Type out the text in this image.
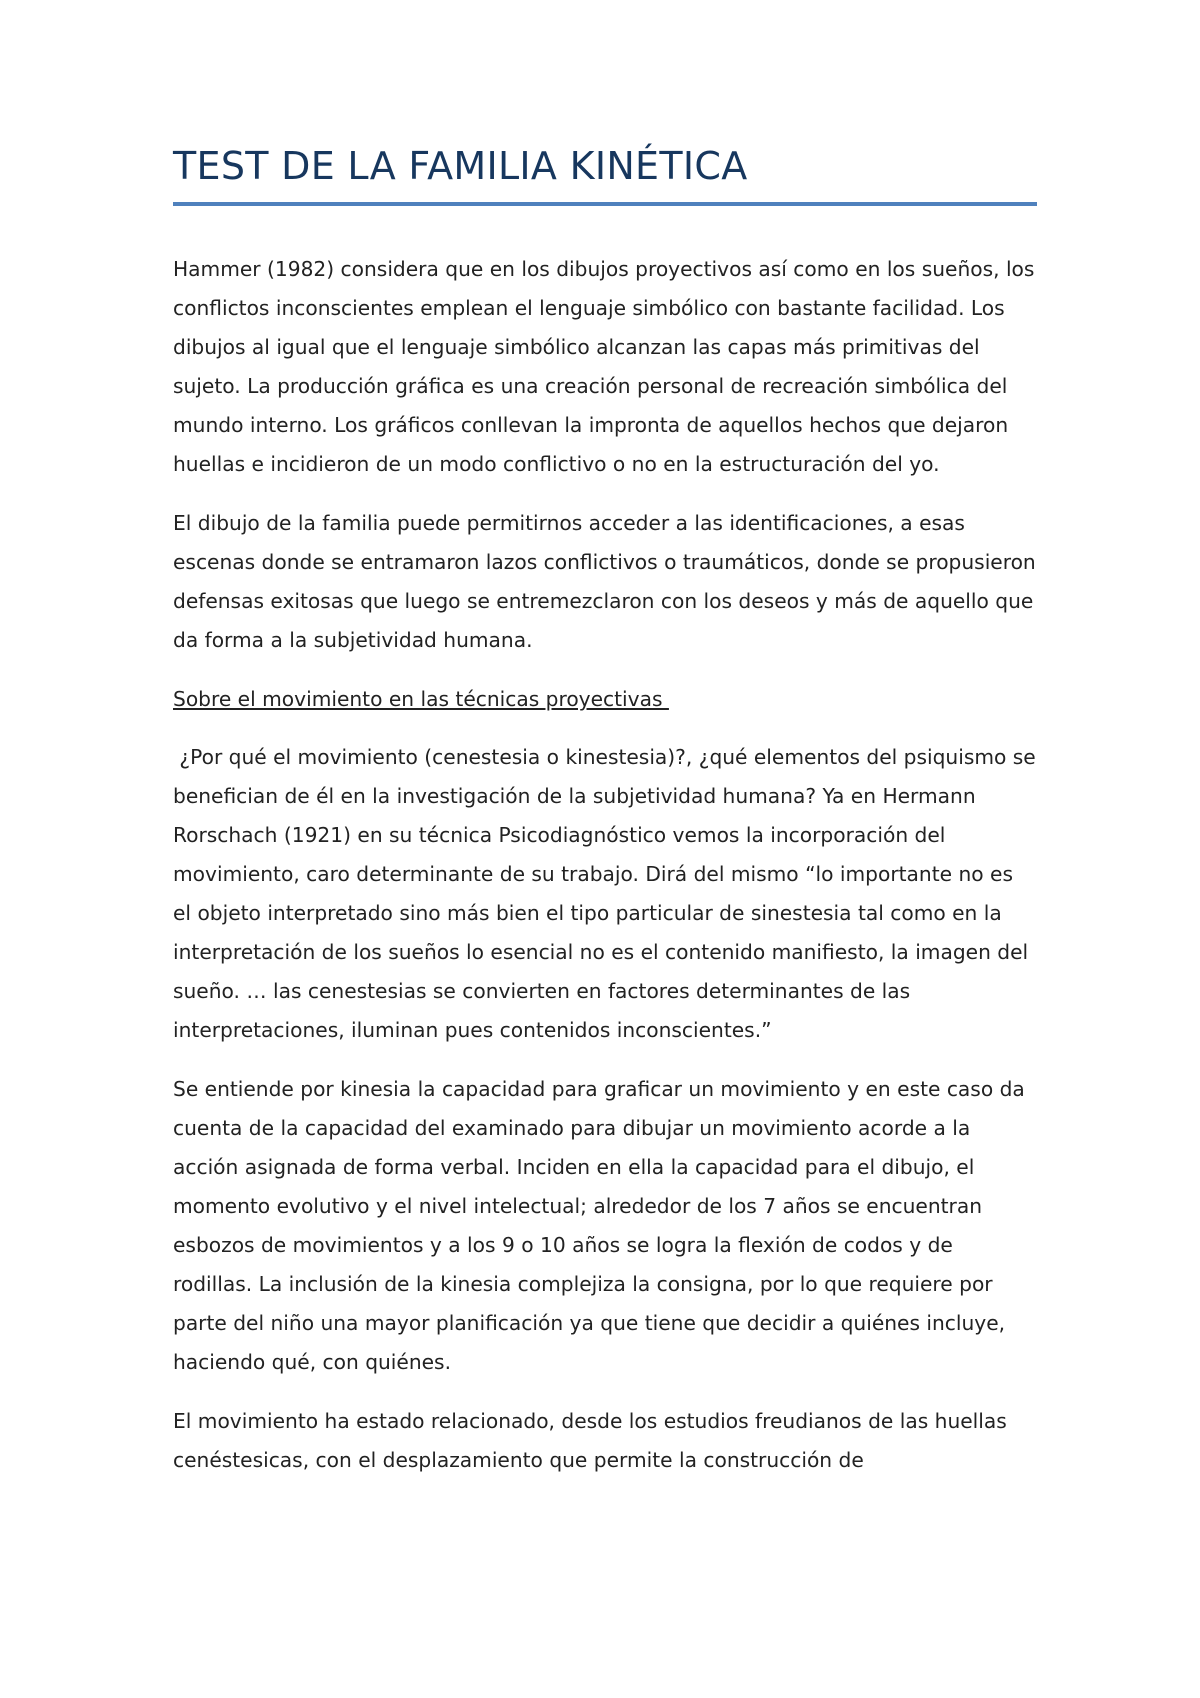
TEST DE LA FAMILIA KINÉTICA

Hammer (1982) considera que en los dibujos proyectivos así como en los sueños, los conflictos inconscientes emplean el lenguaje simbólico con bastante facilidad. Los dibujos al igual que el lenguaje simbólico alcanzan las capas más primitivas del sujeto. La producción gráfica es una creación personal de recreación simbólica del mundo interno. Los gráficos conllevan la impronta de aquellos hechos que dejaron huellas e incidieron de un modo conflictivo o no en la estructuración del yo.

El dibujo de la familia puede permitirnos acceder a las identificaciones, a esas escenas donde se entramaron lazos conflictivos o traumáticos, donde se propusieron defensas exitosas que luego se entremezclaron con los deseos y más de aquello que da forma a la subjetividad humana.

Sobre el movimiento en las técnicas proyectivas

¿Por qué el movimiento (cenestesia o kinestesia)?, ¿qué elementos del psiquismo se benefician de él en la investigación de la subjetividad humana? Ya en Hermann Rorschach (1921) en su técnica Psicodiagnóstico vemos la incorporación del movimiento, caro determinante de su trabajo. Dirá del mismo “lo importante no es el objeto interpretado sino más bien el tipo particular de sinestesia tal como en la interpretación de los sueños lo esencial no es el contenido manifiesto, la imagen del sueño. … las cenestesias se convierten en factores determinantes de las interpretaciones, iluminan pues contenidos inconscientes.”

Se entiende por kinesia la capacidad para graficar un movimiento y en este caso da cuenta de la capacidad del examinado para dibujar un movimiento acorde a la acción asignada de forma verbal. Inciden en ella la capacidad para el dibujo, el momento evolutivo y el nivel intelectual; alrededor de los 7 años se encuentran esbozos de movimientos y a los 9 o 10 años se logra la flexión de codos y de rodillas. La inclusión de la kinesia complejiza la consigna, por lo que requiere por parte del niño una mayor planificación ya que tiene que decidir a quiénes incluye, haciendo qué, con quiénes.

El movimiento ha estado relacionado, desde los estudios freudianos de las huellas cenéstesicas, con el desplazamiento que permite la construcción de
